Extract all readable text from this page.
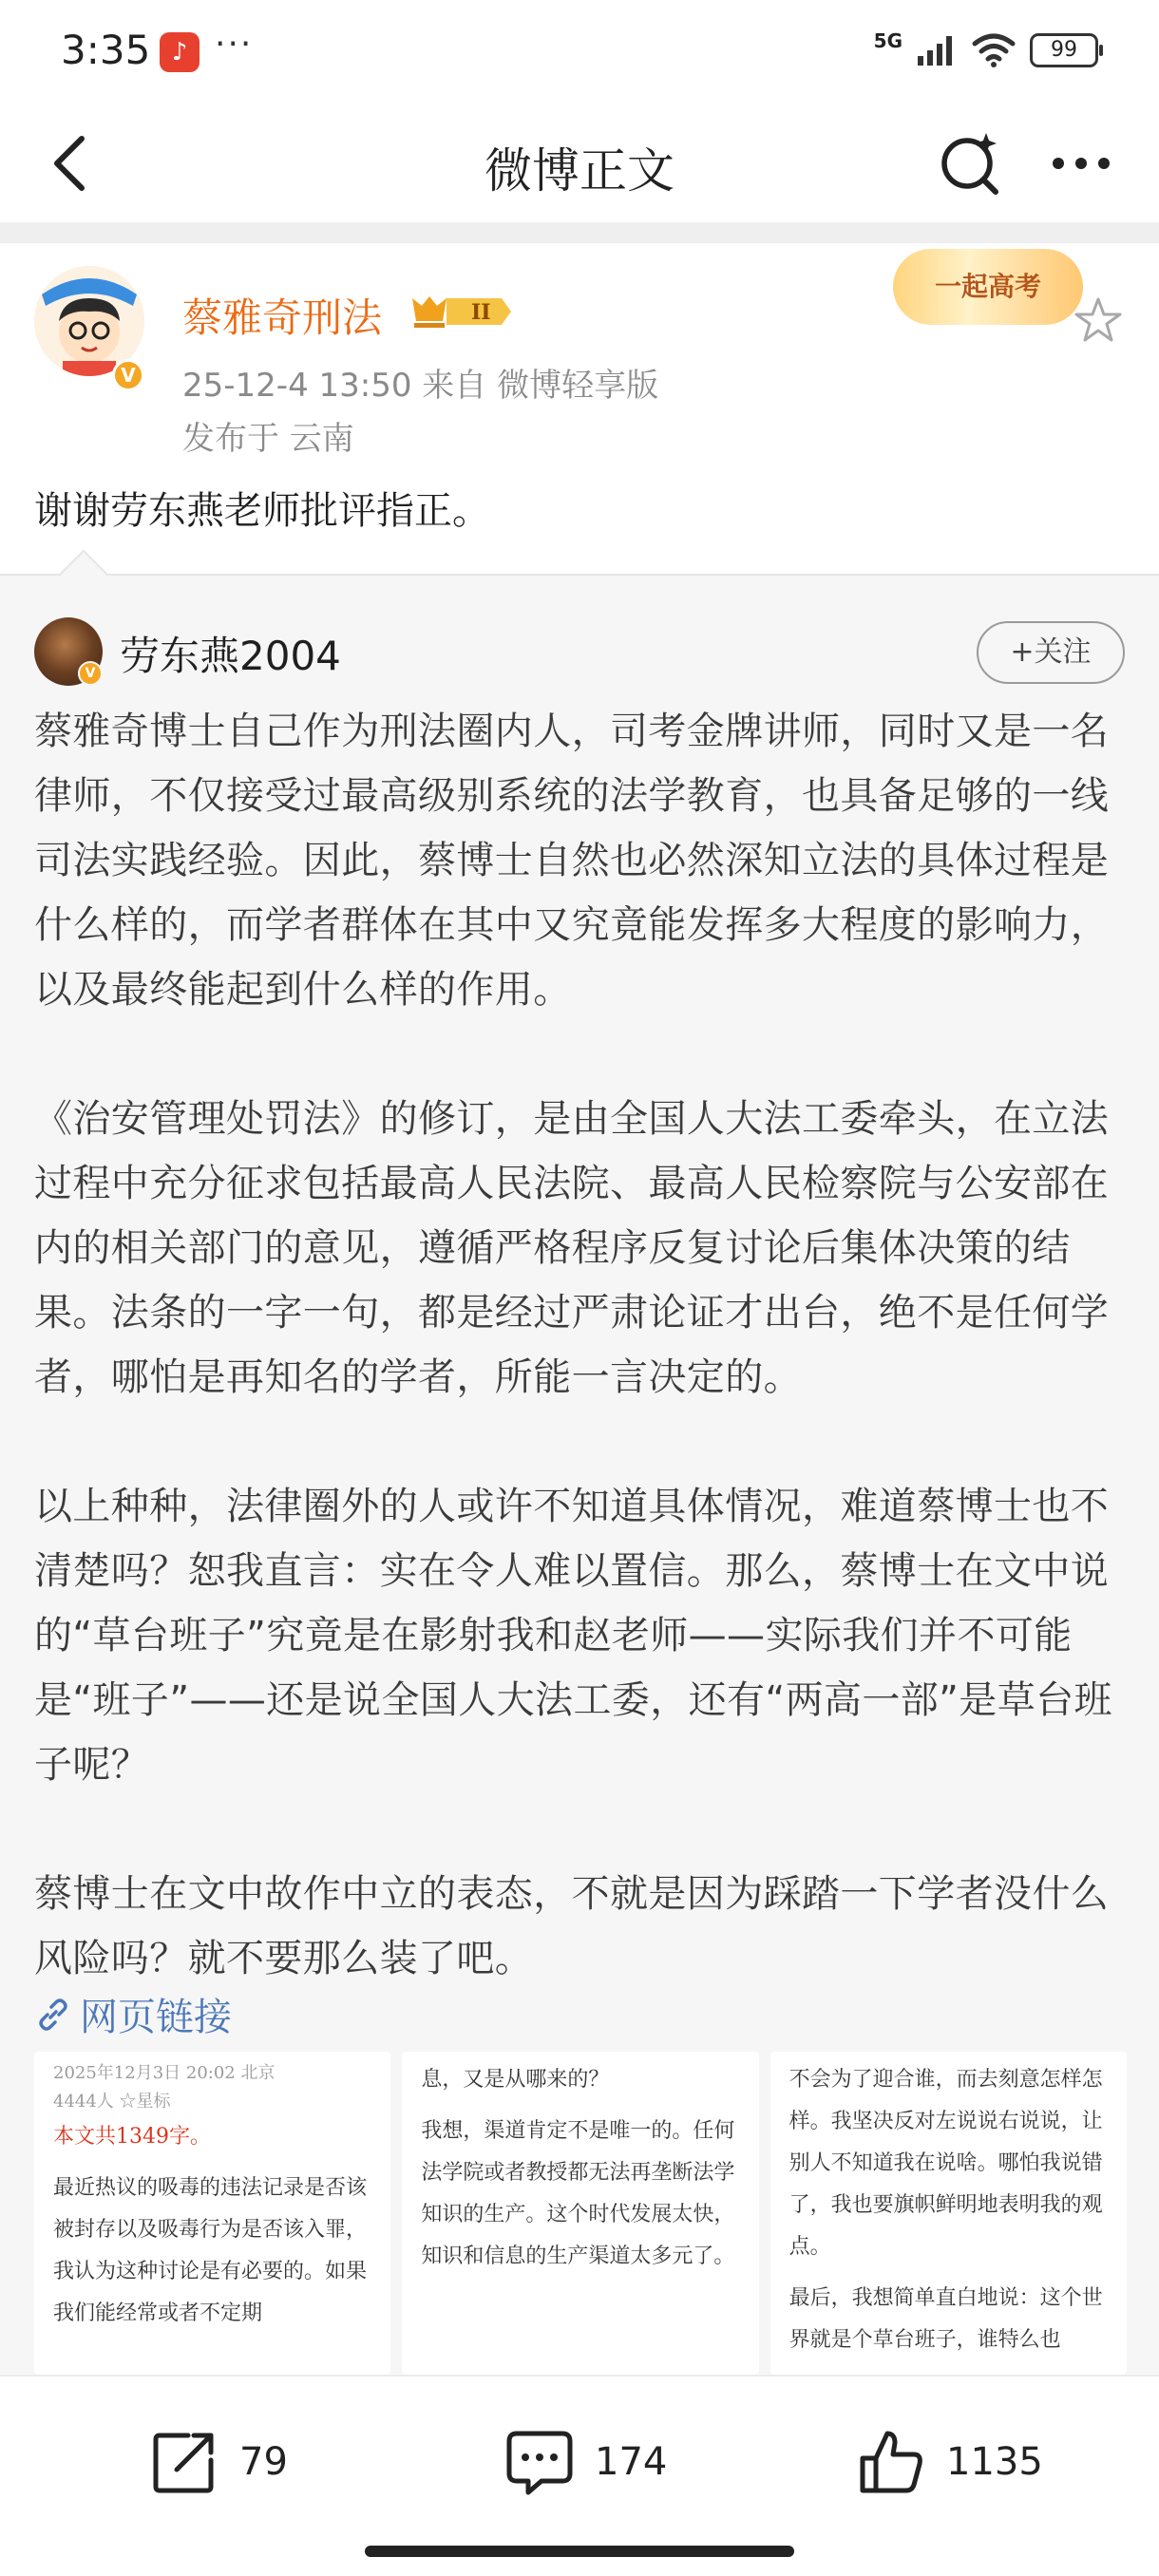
3:35 ♪ ···	5G	99
微博正文
V
蔡雅奇刑法	II
25-12-4 13:50 来自 微博轻享版
发布于 云南
一起高考
谢谢劳东燕老师批评指正。
V 劳东燕2004	+关注

蔡雅奇博士自己作为刑法圈内人，司考金牌讲师，同时又是一名律师，不仅接受过最高级别系统的法学教育，也具备足够的一线司法实践经验。因此，蔡博士自然也必然深知立法的具体过程是什么样的，而学者群体在其中又究竟能发挥多大程度的影响力，以及最终能起到什么样的作用。

《治安管理处罚法》的修订，是由全国人大法工委牵头，在立法过程中充分征求包括最高人民法院、最高人民检察院与公安部在内的相关部门的意见，遵循严格程序反复讨论后集体决策的结果。法条的一字一句，都是经过严肃论证才出台，绝不是任何学者，哪怕是再知名的学者，所能一言决定的。

以上种种，法律圈外的人或许不知道具体情况，难道蔡博士也不清楚吗？恕我直言：实在令人难以置信。那么，蔡博士在文中说的“草台班子”究竟是在影射我和赵老师——实际我们并不可能是“班子”——还是说全国人大法工委，还有“两高一部”是草台班子呢？

蔡博士在文中故作中立的表态，不就是因为踩踏一下学者没什么风险吗？就不要那么装了吧。

网页链接

2025年12月3日 20:02 北京

4444人 ☆星标

本文共1349字。

最近热议的吸毒的违法记录是否该被封存以及吸毒行为是否该入罪，我认为这种讨论是有必要的。如果我们能经常或者不定期

息，又是从哪来的？

我想，渠道肯定不是唯一的。任何法学院或者教授都无法再垄断法学知识的生产。这个时代发展太快，知识和信息的生产渠道太多元了。

不会为了迎合谁，而去刻意怎样怎样。我坚决反对左说说右说说，让别人不知道我在说啥。哪怕我说错了，我也要旗帜鲜明地表明我的观点。

最后，我想简单直白地说：这个世界就是个草台班子，谁特么也

79	174	1135
